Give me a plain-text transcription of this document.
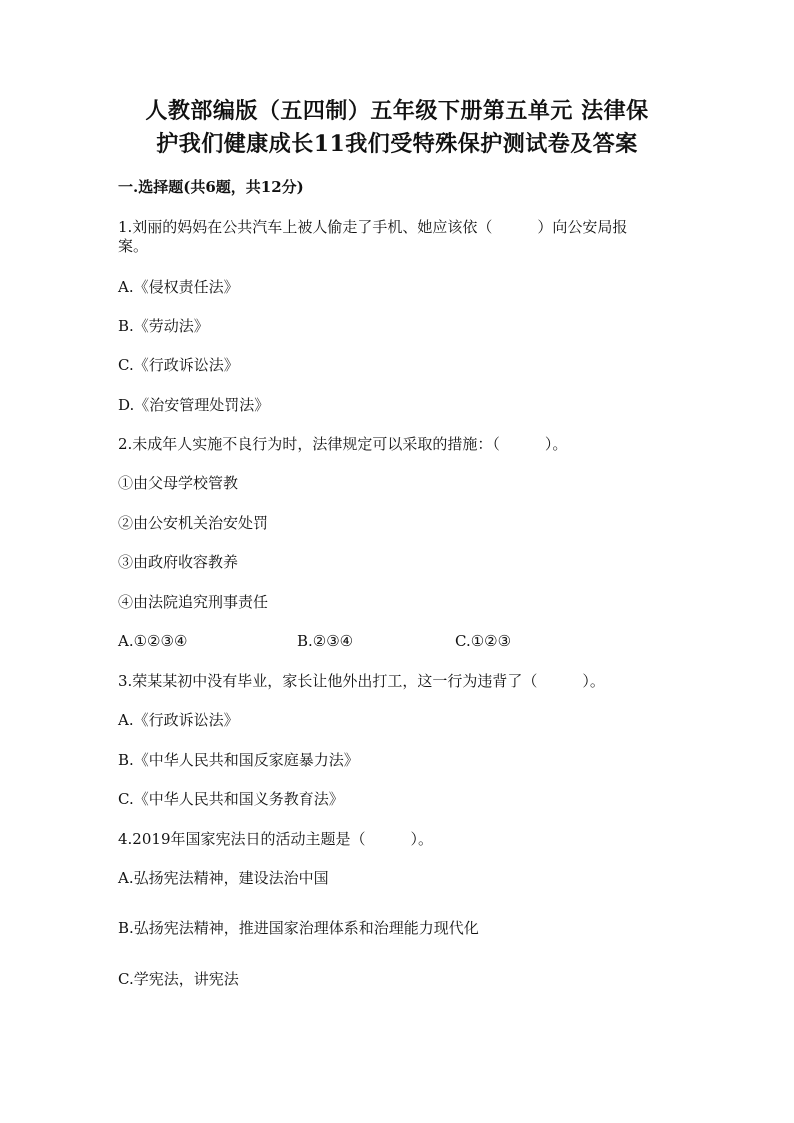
人教部编版（五四制）五年级下册第五单元 法律保
护我们健康成长11我们受特殊保护测试卷及答案
一.选择题(共6题，共12分)
1.刘丽的妈妈在公共汽车上被人偷走了手机、她应该依（　　　）向公安局报
案。
A.《侵权责任法》
B.《劳动法》
C.《行政诉讼法》
D.《治安管理处罚法》
2.未成年人实施不良行为时，法律规定可以采取的措施：（　　　）。
①由父母学校管教
②由公安机关治安处罚
③由政府收容教养
④由法院追究刑事责任
A.①②③④	B.②③④	C.①②③
3.荣某某初中没有毕业，家长让他外出打工，这一行为违背了（　　　）。
A.《行政诉讼法》
B.《中华人民共和国反家庭暴力法》
C.《中华人民共和国义务教育法》
4.2019年国家宪法日的活动主题是（　　　）。
A.弘扬宪法精神，建设法治中国
B.弘扬宪法精神，推进国家治理体系和治理能力现代化
C.学宪法，讲宪法
